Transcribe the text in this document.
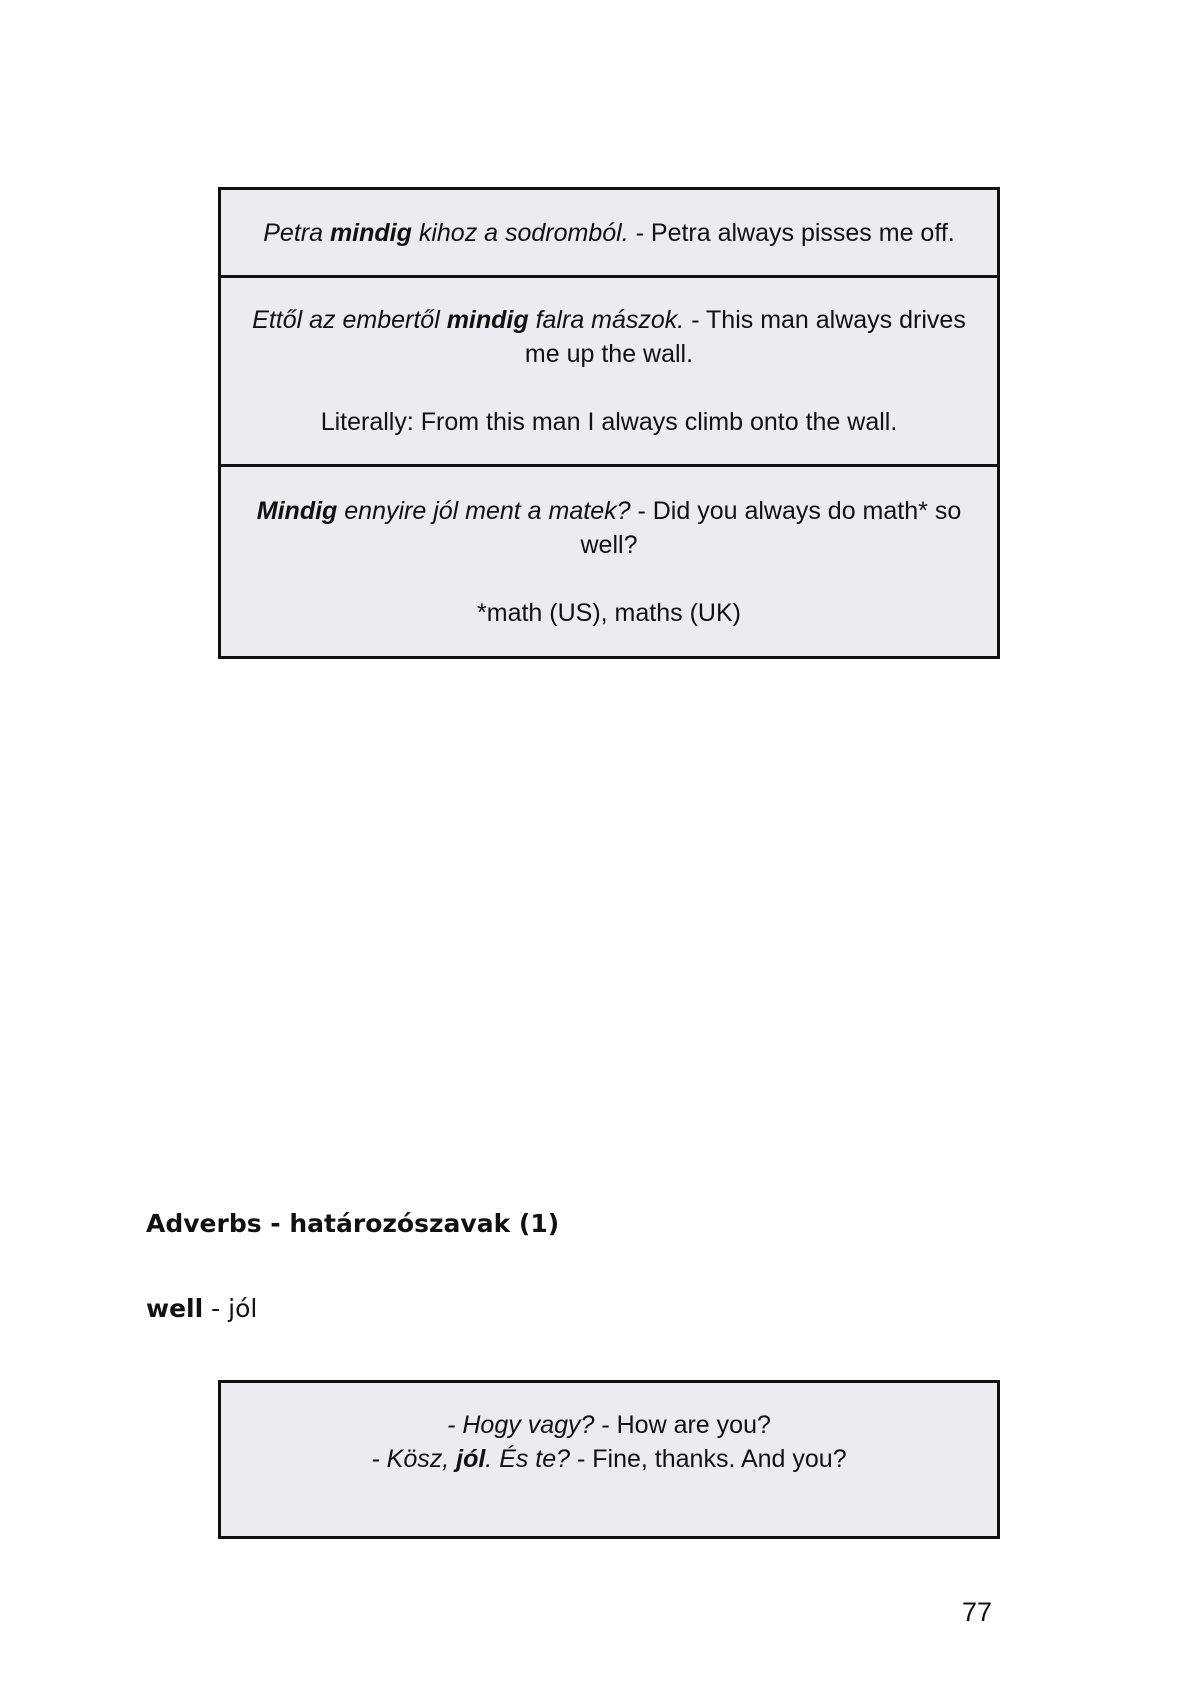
Petra mindig kihoz a sodromból. - Petra always pisses me off.

Ettől az embertől mindig falra mászok. - This man always drives me up the wall.

Literally: From this man I always climb onto the wall.

Mindig ennyire jól ment a matek? - Did you always do math* so well?

*math (US), maths (UK)

Adverbs - határozószavak (1)
well - jól

- Hogy vagy? - How are you?

- Kösz, jól. És te? - Fine, thanks. And you?

77
